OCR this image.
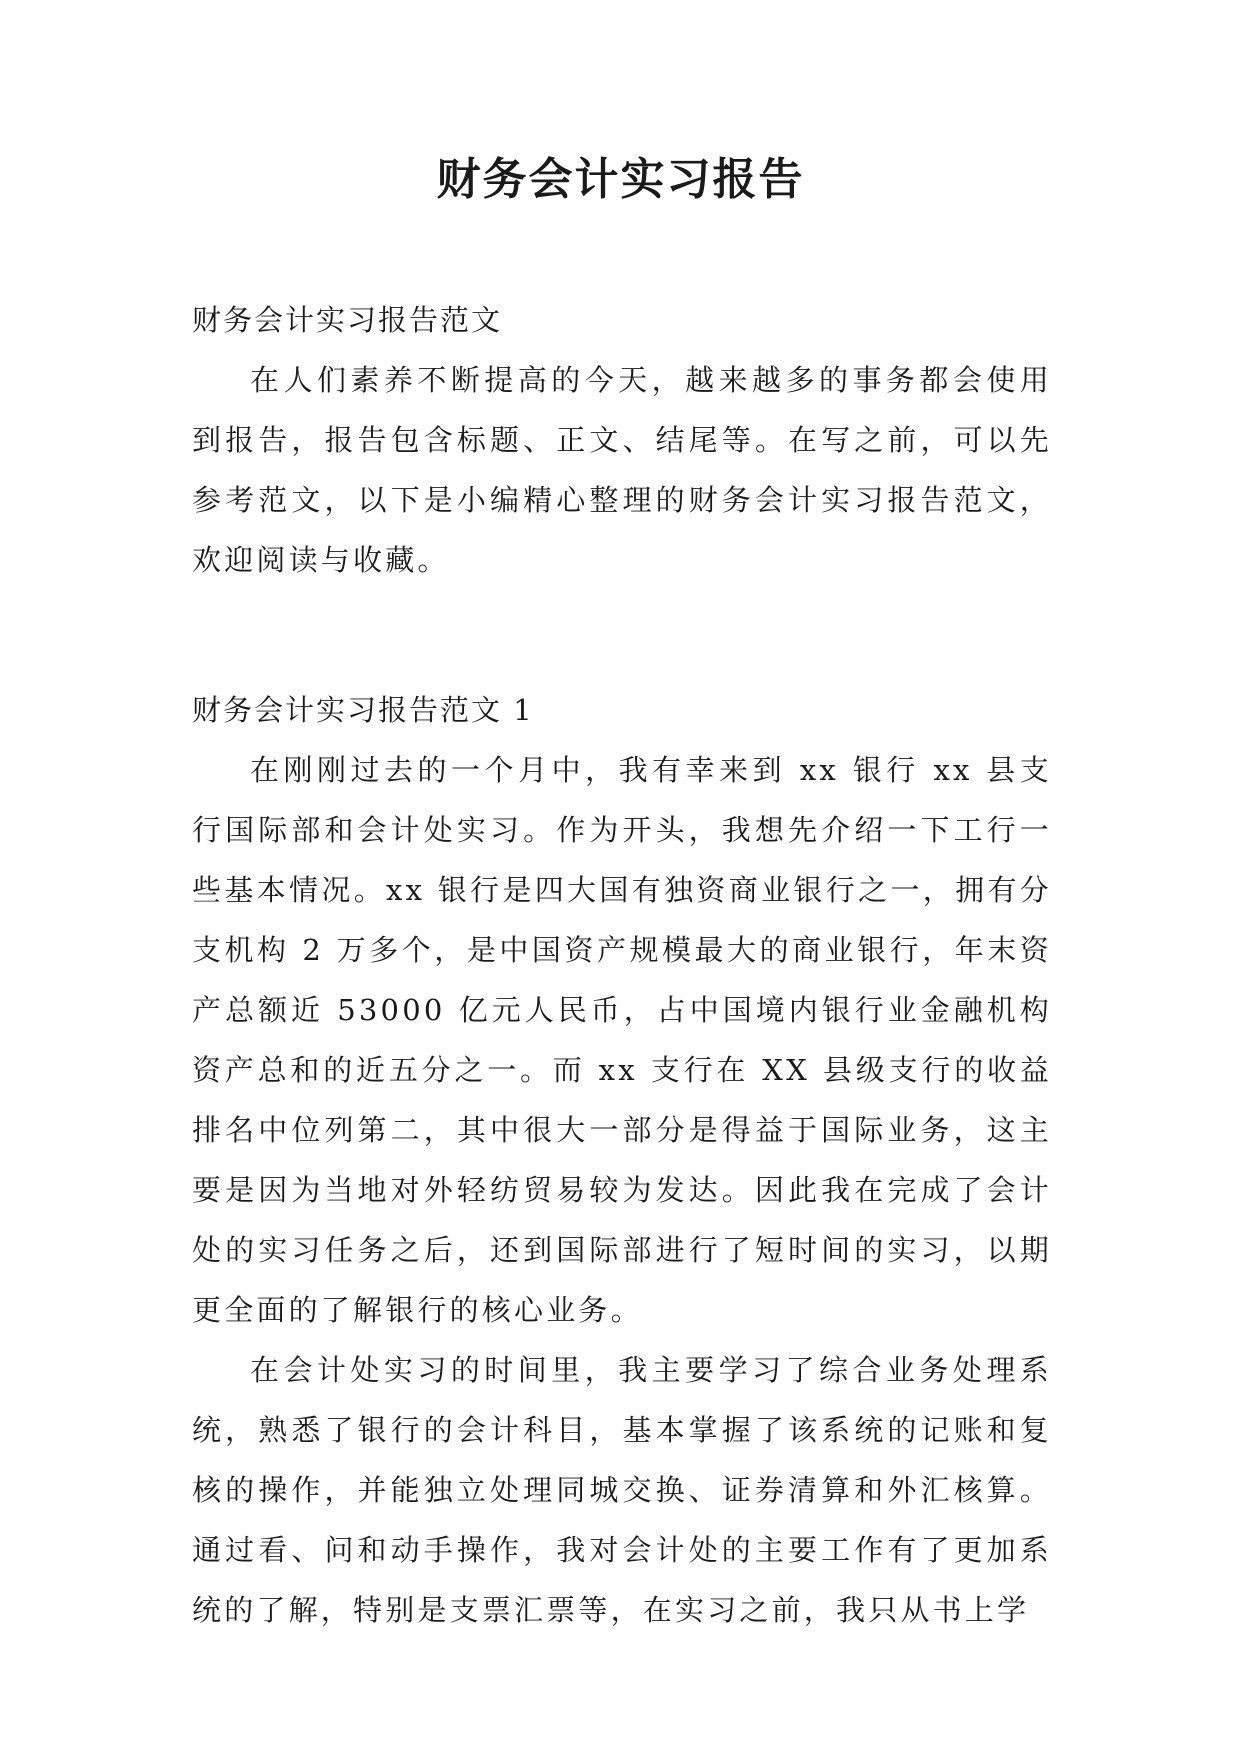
财务会计实习报告

财务会计实习报告范文

在人们素养不断提高的今天，越来越多的事务都会使用到报告，报告包含标题、正文、结尾等。在写之前，可以先参考范文，以下是小编精心整理的财务会计实习报告范文，欢迎阅读与收藏。

财务会计实习报告范文 1

在刚刚过去的一个月中，我有幸来到 xx 银行 xx 县支行国际部和会计处实习。作为开头，我想先介绍一下工行一些基本情况。xx 银行是四大国有独资商业银行之一，拥有分支机构 2 万多个，是中国资产规模最大的商业银行，年末资产总额近 53000 亿元人民币，占中国境内银行业金融机构资产总和的近五分之一。而 xx 支行在 XX 县级支行的收益排名中位列第二，其中很大一部分是得益于国际业务，这主要是因为当地对外轻纺贸易较为发达。因此我在完成了会计处的实习任务之后，还到国际部进行了短时间的实习，以期更全面的了解银行的核心业务。

在会计处实习的时间里，我主要学习了综合业务处理系统，熟悉了银行的会计科目，基本掌握了该系统的记账和复核的操作，并能独立处理同城交换、证券清算和外汇核算。通过看、问和动手操作，我对会计处的主要工作有了更加系统的了解，特别是支票汇票等，在实习之前，我只从书上学
